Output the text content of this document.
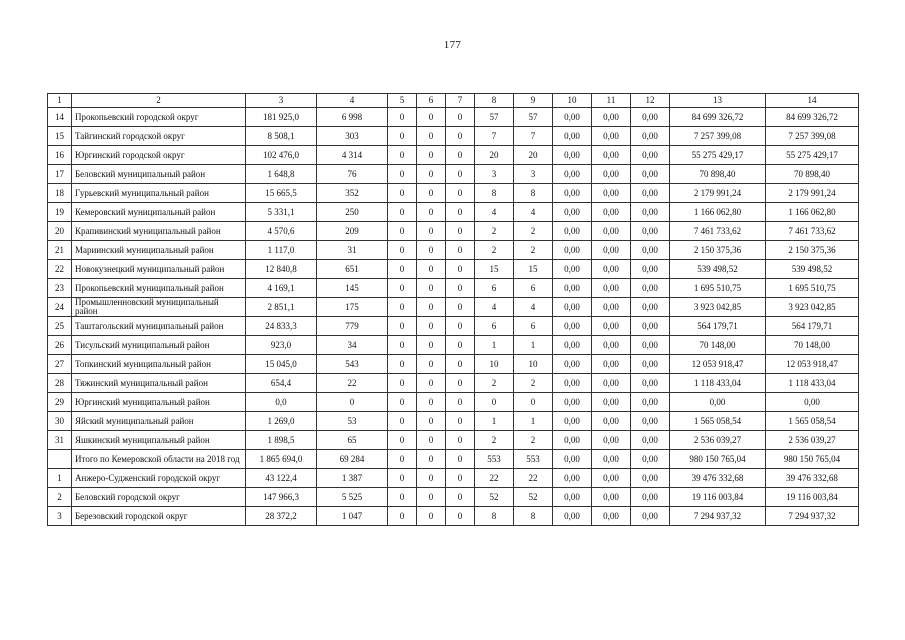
177
1	2	3	4	5	6	7	8	9	10	11	12	13	14
14	Прокопьевский городской округ	181 925,0	6 998	0	0	0	57	57	0,00	0,00	0,00	84 699 326,72	84 699 326,72
15	Тайгинский городской округ	8 508,1	303	0	0	0	7	7	0,00	0,00	0,00	7 257 399,08	7 257 399,08
16	Юргинский городской округ	102 476,0	4 314	0	0	0	20	20	0,00	0,00	0,00	55 275 429,17	55 275 429,17
17	Беловский муниципальный район	1 648,8	76	0	0	0	3	3	0,00	0,00	0,00	70 898,40	70 898,40
18	Гурьевский муниципальный район	15 665,5	352	0	0	0	8	8	0,00	0,00	0,00	2 179 991,24	2 179 991,24
19	Кемеровский муниципальный район	5 331,1	250	0	0	0	4	4	0,00	0,00	0,00	1 166 062,80	1 166 062,80
20	Крапивинский муниципальный район	4 570,6	209	0	0	0	2	2	0,00	0,00	0,00	7 461 733,62	7 461 733,62
21	Мариинский муниципальный район	1 117,0	31	0	0	0	2	2	0,00	0,00	0,00	2 150 375,36	2 150 375,36
22	Новокузнецкий муниципальный район	12 840,8	651	0	0	0	15	15	0,00	0,00	0,00	539 498,52	539 498,52
23	Прокопьевский муниципальный район	4 169,1	145	0	0	0	6	6	0,00	0,00	0,00	1 695 510,75	1 695 510,75
24	Промышленновский муниципальный район	2 851,1	175	0	0	0	4	4	0,00	0,00	0,00	3 923 042,85	3 923 042,85
25	Таштагольский муниципальный район	24 833,3	779	0	0	0	6	6	0,00	0,00	0,00	564 179,71	564 179,71
26	Тисульский муниципальный район	923,0	34	0	0	0	1	1	0,00	0,00	0,00	70 148,00	70 148,00
27	Топкинский муниципальный район	15 045,0	543	0	0	0	10	10	0,00	0,00	0,00	12 053 918,47	12 053 918,47
28	Тяжинский муниципальный район	654,4	22	0	0	0	2	2	0,00	0,00	0,00	1 118 433,04	1 118 433,04
29	Юргинский муниципальный район	0,0	0	0	0	0	0	0	0,00	0,00	0,00	0,00	0,00
30	Яйский муниципальный район	1 269,0	53	0	0	0	1	1	0,00	0,00	0,00	1 565 058,54	1 565 058,54
31	Яшкинский муниципальный район	1 898,5	65	0	0	0	2	2	0,00	0,00	0,00	2 536 039,27	2 536 039,27
	Итого по Кемеровской области на 2018 год	1 865 694,0	69 284	0	0	0	553	553	0,00	0,00	0,00	980 150 765,04	980 150 765,04
1	Анжеро-Судженский городской округ	43 122,4	1 387	0	0	0	22	22	0,00	0,00	0,00	39 476 332,68	39 476 332,68
2	Беловский городской округ	147 966,3	5 525	0	0	0	52	52	0,00	0,00	0,00	19 116 003,84	19 116 003,84
3	Березовский городской округ	28 372,2	1 047	0	0	0	8	8	0,00	0,00	0,00	7 294 937,32	7 294 937,32
